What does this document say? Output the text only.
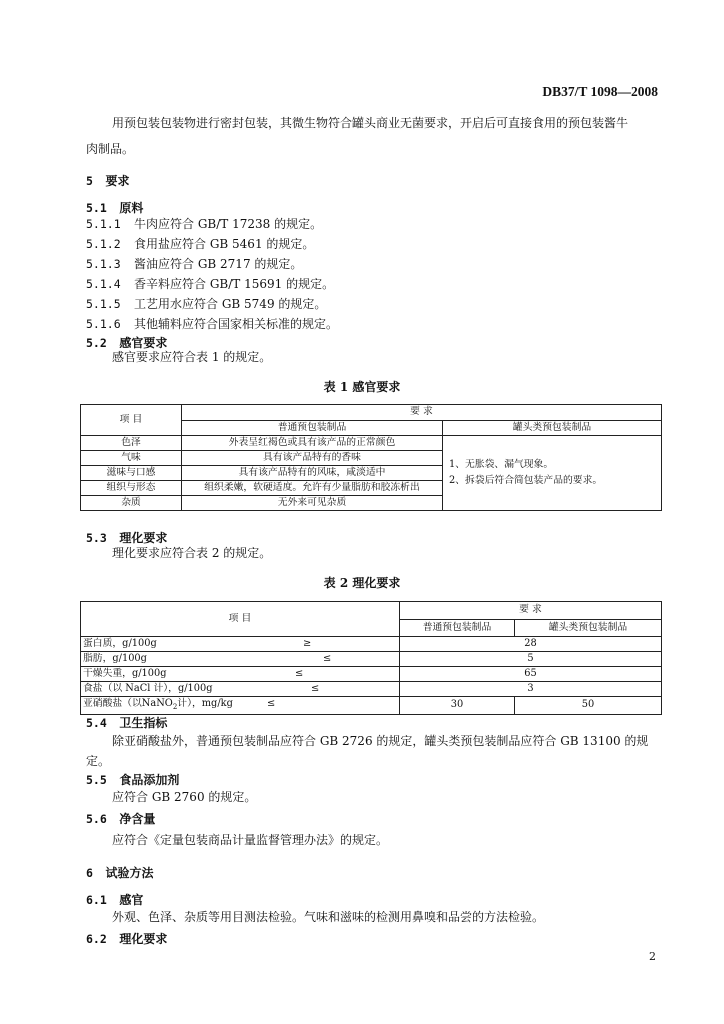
DB37/T 1098—2008
用预包装包装物进行密封包装，其微生物符合罐头商业无菌要求，开启后可直接食用的预包装酱牛
肉制品。
5 要求
5.1 原料
5.1.1 牛肉应符合 GB/T 17238 的规定。
5.1.2 食用盐应符合 GB 5461 的规定。
5.1.3 酱油应符合 GB 2717 的规定。
5.1.4 香辛料应符合 GB/T 15691 的规定。
5.1.5 工艺用水应符合 GB 5749 的规定。
5.1.6 其他辅料应符合国家相关标准的规定。
5.2 感官要求
感官要求应符合表 1 的规定。
表 1 感官要求
项 目	要 求	
	普通预包装制品	罐头类预包装制品
色泽	外表呈红褐色或具有该产品的正常颜色	1、无胀袋、漏气现象。
2、拆袋后符合简包装产品的要求。

气味	具有该产品特有的香味	
滋味与口感	具有该产品特有的风味，咸淡适中	
组织与形态	组织柔嫩，软硬适度。允许有少量脂肪和胶冻析出	
杂质	无外来可见杂质	
5.3 理化要求
理化要求应符合表 2 的规定。
表 2 理化要求
项 目	要 求	
	普通预包装制品	罐头类预包装制品
蛋白质，g/100g ≥	28	
脂肪，g/100g ≤	5	
干燥失重，g/100g ≤	65	
食盐（以 NaCl 计），g/100g ≤	3	
亚硝酸盐（以NaNO$_2$计），mg/kg ≤	30	50
5.4 卫生指标
除亚硝酸盐外，普通预包装制品应符合 GB 2726 的规定，罐头类预包装制品应符合 GB 13100 的规
定。
5.5 食品添加剂
应符合 GB 2760 的规定。
5.6 净含量
应符合《定量包装商品计量监督管理办法》的规定。
6 试验方法
6.1 感官
外观、色泽、杂质等用目测法检验。气味和滋味的检测用鼻嗅和品尝的方法检验。
6.2 理化要求
2
